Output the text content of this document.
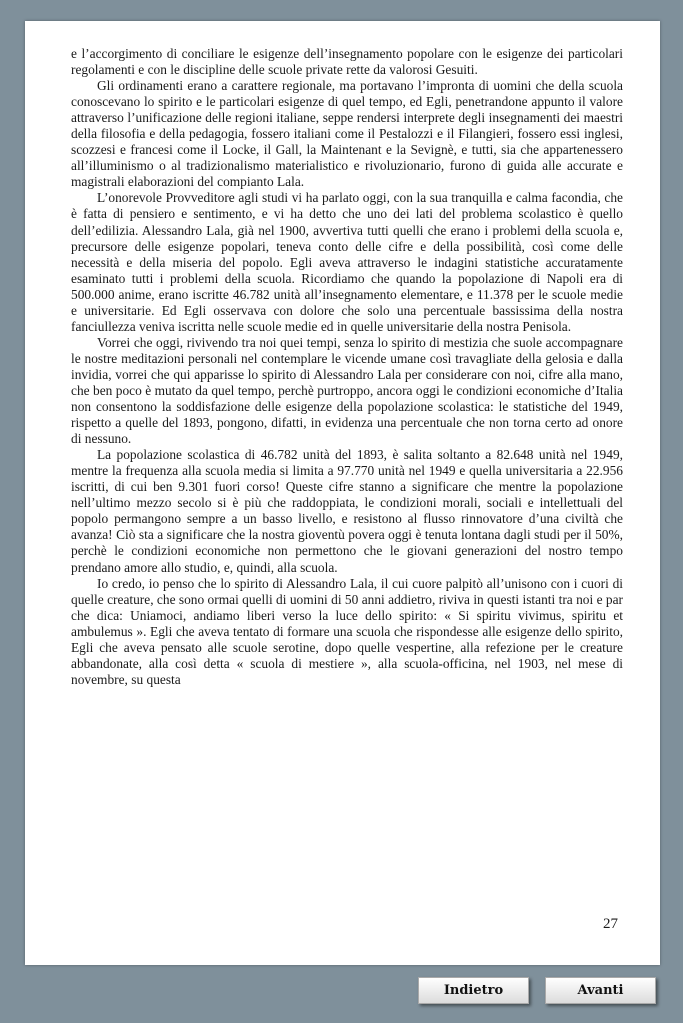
e l’accorgimento di conciliare le esigenze dell’insegnamento popolare con le esigenze dei particolari regolamenti e con le discipline delle scuole private rette da valorosi Gesuiti.

Gli ordinamenti erano a carattere regionale, ma portavano l’impronta di uomini che della scuola conoscevano lo spirito e le particolari esigenze di quel tempo, ed Egli, penetrandone appunto il valore attraverso l’unificazione delle regioni italiane, seppe rendersi interprete degli insegnamenti dei maestri della filosofia e della pedagogia, fossero italiani come il Pestalozzi e il Filangieri, fossero essi inglesi, scozzesi e francesi come il Locke, il Gall, la Maintenant e la Sevignè, e tutti, sia che appartenessero all’illuminismo o al tradizionalismo materialistico e rivoluzionario, furono di guida alle accurate e magistrali elaborazioni del compianto Lala.

L’onorevole Provveditore agli studi vi ha parlato oggi, con la sua tranquilla e calma facondia, che è fatta di pensiero e sentimento, e vi ha detto che uno dei lati del problema scolastico è quello dell’edilizia. Alessandro Lala, già nel 1900, avvertiva tutti quelli che erano i problemi della scuola e, precursore delle esigenze popolari, teneva conto delle cifre e della possibilità, così come delle necessità e della miseria del popolo. Egli aveva attraverso le indagini statistiche accuratamente esaminato tutti i problemi della scuola. Ricordiamo che quando la popolazione di Napoli era di 500.000 anime, erano iscritte 46.782 unità all’insegnamento elementare, e 11.378 per le scuole medie e universitarie. Ed Egli osservava con dolore che solo una percentuale bassissima della nostra fanciullezza veniva iscritta nelle scuole medie ed in quelle universitarie della nostra Penisola.

Vorrei che oggi, rivivendo tra noi quei tempi, senza lo spirito di mestizia che suole accompagnare le nostre meditazioni personali nel contemplare le vicende umane così travagliate della gelosia e dalla invidia, vorrei che qui apparisse lo spirito di Alessandro Lala per considerare con noi, cifre alla mano, che ben poco è mutato da quel tempo, perchè purtroppo, ancora oggi le condizioni economiche d’Italia non consentono la soddisfazione delle esigenze della popolazione scolastica: le statistiche del 1949, rispetto a quelle del 1893, pongono, difatti, in evidenza una percentuale che non torna certo ad onore di nessuno.

La popolazione scolastica di 46.782 unità del 1893, è salita soltanto a 82.648 unità nel 1949, mentre la frequenza alla scuola media si limita a 97.770 unità nel 1949 e quella universitaria a 22.956 iscritti, di cui ben 9.301 fuori corso! Queste cifre stanno a significare che mentre la popolazione nell’ultimo mezzo secolo si è più che raddoppiata, le condizioni morali, sociali e intellettuali del popolo permangono sempre a un basso livello, e resistono al flusso rinnovatore d’una civiltà che avanza! Ciò sta a significare che la nostra gioventù povera oggi è tenuta lontana dagli studi per il 50%, perchè le condizioni economiche non permettono che le giovani generazioni del nostro tempo prendano amore allo studio, e, quindi, alla scuola.

Io credo, io penso che lo spirito di Alessandro Lala, il cui cuore palpitò all’unisono con i cuori di quelle creature, che sono ormai quelli di uomini di 50 anni addietro, riviva in questi istanti tra noi e par che dica: Uniamoci, andiamo liberi verso la luce dello spirito: « Si spiritu vivimus, spiritu et ambulemus ». Egli che aveva tentato di formare una scuola che rispondesse alle esigenze dello spirito, Egli che aveva pensato alle scuole serotine, dopo quelle vespertine, alla refezione per le creature abbandonate, alla così detta « scuola di mestiere », alla scuola-officina, nel 1903, nel mese di novembre, su questa

27
Indietro	Avanti
